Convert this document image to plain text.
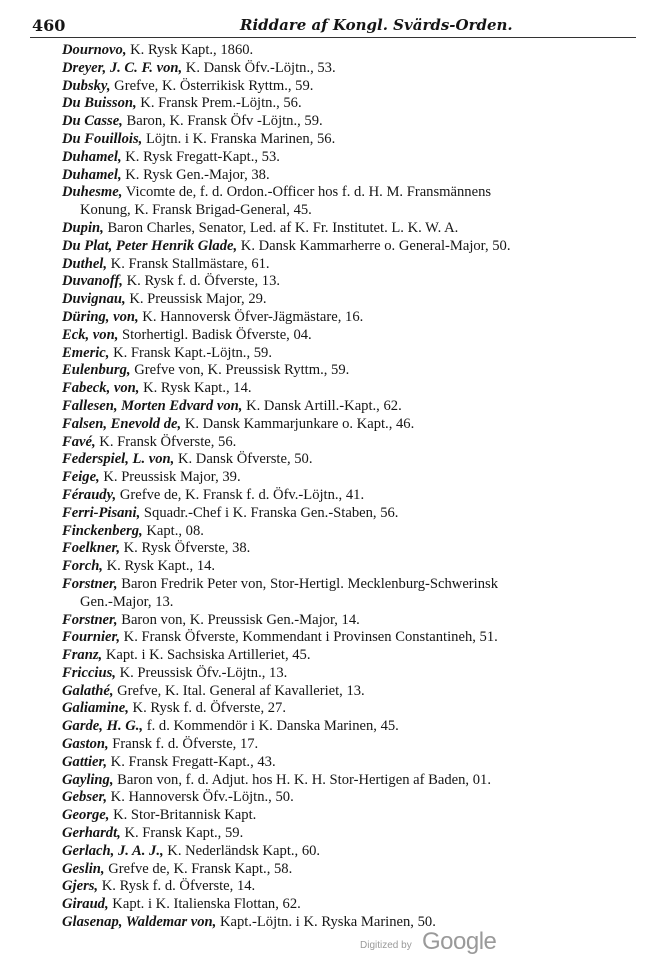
460	Riddare af Kongl. Svärds-Orden.
Dournovo, K. Rysk Kapt., 1860.
Dreyer, J. C. F. von, K. Dansk Öfv.-Löjtn., 53.
Dubsky, Grefve, K. Österrikisk Ryttm., 59.
Du Buisson, K. Fransk Prem.-Löjtn., 56.
Du Casse, Baron, K. Fransk Öfv -Löjtn., 59.
Du Fouillois, Löjtn. i K. Franska Marinen, 56.
Duhamel, K. Rysk Fregatt-Kapt., 53.
Duhamel, K. Rysk Gen.-Major, 38.
Duhesme, Vicomte de, f. d. Ordon.-Officer hos f. d. H. M. Fransmännens
Konung, K. Fransk Brigad-General, 45.
Dupin, Baron Charles, Senator, Led. af K. Fr. Institutet. L. K. W. A.
Du Plat, Peter Henrik Glade, K. Dansk Kammarherre o. General-Major, 50.
Duthel, K. Fransk Stallmästare, 61.
Duvanoff, K. Rysk f. d. Öfverste, 13.
Duvignau, K. Preussisk Major, 29.
Düring, von, K. Hannoversk Öfver-Jägmästare, 16.
Eck, von, Storhertigl. Badisk Öfverste, 04.
Emeric, K. Fransk Kapt.-Löjtn., 59.
Eulenburg, Grefve von, K. Preussisk Ryttm., 59.
Fabeck, von, K. Rysk Kapt., 14.
Fallesen, Morten Edvard von, K. Dansk Artill.-Kapt., 62.
Falsen, Enevold de, K. Dansk Kammarjunkare o. Kapt., 46.
Favé, K. Fransk Öfverste, 56.
Federspiel, L. von, K. Dansk Öfverste, 50.
Feige, K. Preussisk Major, 39.
Féraudy, Grefve de, K. Fransk f. d. Öfv.-Löjtn., 41.
Ferri-Pisani, Squadr.-Chef i K. Franska Gen.-Staben, 56.
Finckenberg, Kapt., 08.
Foelkner, K. Rysk Öfverste, 38.
Forch, K. Rysk Kapt., 14.
Forstner, Baron Fredrik Peter von, Stor-Hertigl. Mecklenburg-Schwerinsk
Gen.-Major, 13.
Forstner, Baron von, K. Preussisk Gen.-Major, 14.
Fournier, K. Fransk Öfverste, Kommendant i Provinsen Constantineh, 51.
Franz, Kapt. i K. Sachsiska Artilleriet, 45.
Friccius, K. Preussisk Öfv.-Löjtn., 13.
Galathé, Grefve, K. Ital. General af Kavalleriet, 13.
Galiamine, K. Rysk f. d. Öfverste, 27.
Garde, H. G., f. d. Kommendör i K. Danska Marinen, 45.
Gaston, Fransk f. d. Öfverste, 17.
Gattier, K. Fransk Fregatt-Kapt., 43.
Gayling, Baron von, f. d. Adjut. hos H. K. H. Stor-Hertigen af Baden, 01.
Gebser, K. Hannoversk Öfv.-Löjtn., 50.
George, K. Stor-Britannisk Kapt.
Gerhardt, K. Fransk Kapt., 59.
Gerlach, J. A. J., K. Nederländsk Kapt., 60.
Geslin, Grefve de, K. Fransk Kapt., 58.
Gjers, K. Rysk f. d. Öfverste, 14.
Giraud, Kapt. i K. Italienska Flottan, 62.
Glasenap, Waldemar von, Kapt.-Löjtn. i K. Ryska Marinen, 50.
Digitized by Google
